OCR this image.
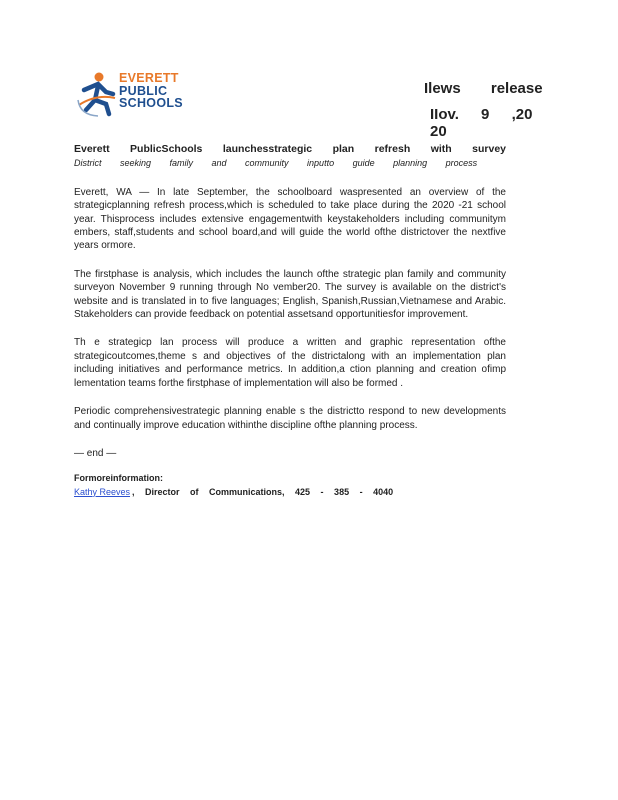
EVERETT
PUBLIC
SCHOOLS
Ilews release
IIov. 9 ,20 20
Everett PublicSchools launchesstrategic plan refresh with survey
District seeking family and community inputto guide planning process

Everett, WA — In late September, the schoolboard waspresented an overview of the strategicplanning refresh process,which is scheduled to take place during the 2020 -21 school year. Thisprocess includes extensive engagementwith keystakeholders including communitym embers, staff,students and school board,and will guide the world ofthe districtover the nextfive years ormore.

The firstphase is analysis, which includes the launch ofthe strategic plan family and community surveyon November 9 running through No vember20. The survey is available on the district's website and is translated in to five languages; English, Spanish,Russian,Vietnamese and Arabic. Stakeholders can provide feedback on potential assetsand opportunitiesfor improvement.

Th e strategicp lan process will produce a written and graphic representation ofthe strategicoutcomes,theme s and objectives of the districtalong with an implementation plan including initiatives and performance metrics. In addition,a ction planning and creation ofimp lementation teams forthe firstphase of implementation will also be formed .

Periodic comprehensivestrategic planning enable s the districtto respond to new developments and continually improve education withinthe discipline ofthe planning process.

— end —
Formoreinformation:
Kathy Reeves , Director of Communications, 425 - 385 - 4040
